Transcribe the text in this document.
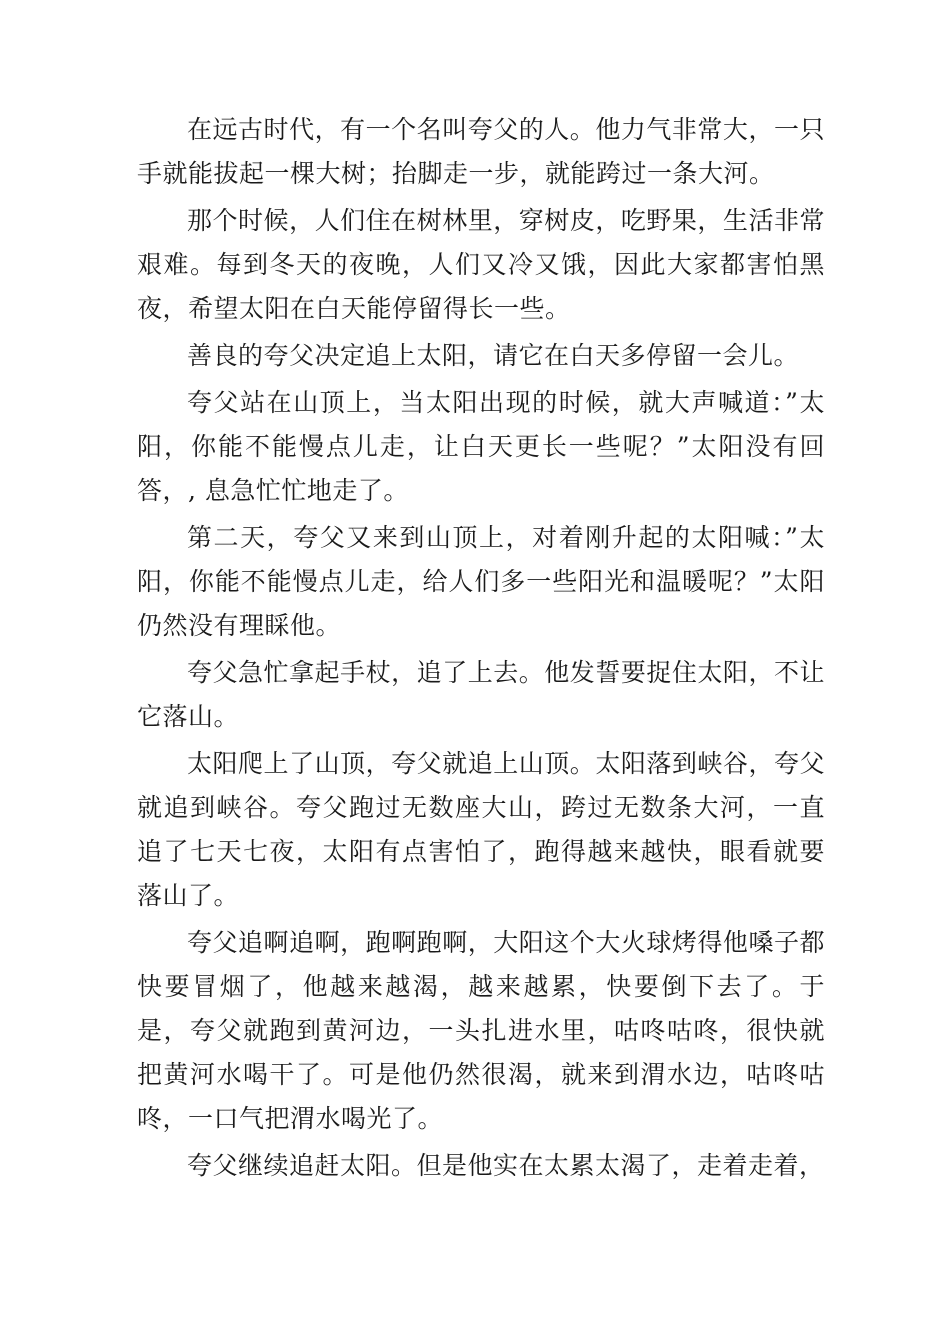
在远古时代，有一个名叫夸父的人。他力气非常大，一只手就能拔起一棵大树；抬脚走一步，就能跨过一条大河。

那个时候，人们住在树林里，穿树皮，吃野果，生活非常艰难。每到冬天的夜晚，人们又冷又饿，因此大家都害怕黑夜，希望太阳在白天能停留得长一些。

善良的夸父决定追上太阳，请它在白天多停留一会儿。

夸父站在山顶上，当太阳出现的时候，就大声喊道：”太阳，你能不能慢点儿走，让白天更长一些呢？”太阳没有回答，, 息急忙忙地走了。

第二天，夸父又来到山顶上，对着刚升起的太阳喊：”太阳，你能不能慢点儿走，给人们多一些阳光和温暖呢？”太阳仍然没有理睬他。

夸父急忙拿起手杖，追了上去。他发誓要捉住太阳，不让它落山。

太阳爬上了山顶，夸父就追上山顶。太阳落到峡谷，夸父就追到峡谷。夸父跑过无数座大山，跨过无数条大河，一直追了七天七夜，太阳有点害怕了，跑得越来越快，眼看就要落山了。

夸父追啊追啊，跑啊跑啊，大阳这个大火球烤得他嗓子都快要冒烟了，他越来越渴，越来越累，快要倒下去了。于是，夸父就跑到黄河边，一头扎进水里，咕咚咕咚，很快就把黄河水喝干了。可是他仍然很渴，就来到渭水边，咕咚咕咚，一口气把渭水喝光了。

夸父继续追赶太阳。但是他实在太累太渴了，走着走着，
